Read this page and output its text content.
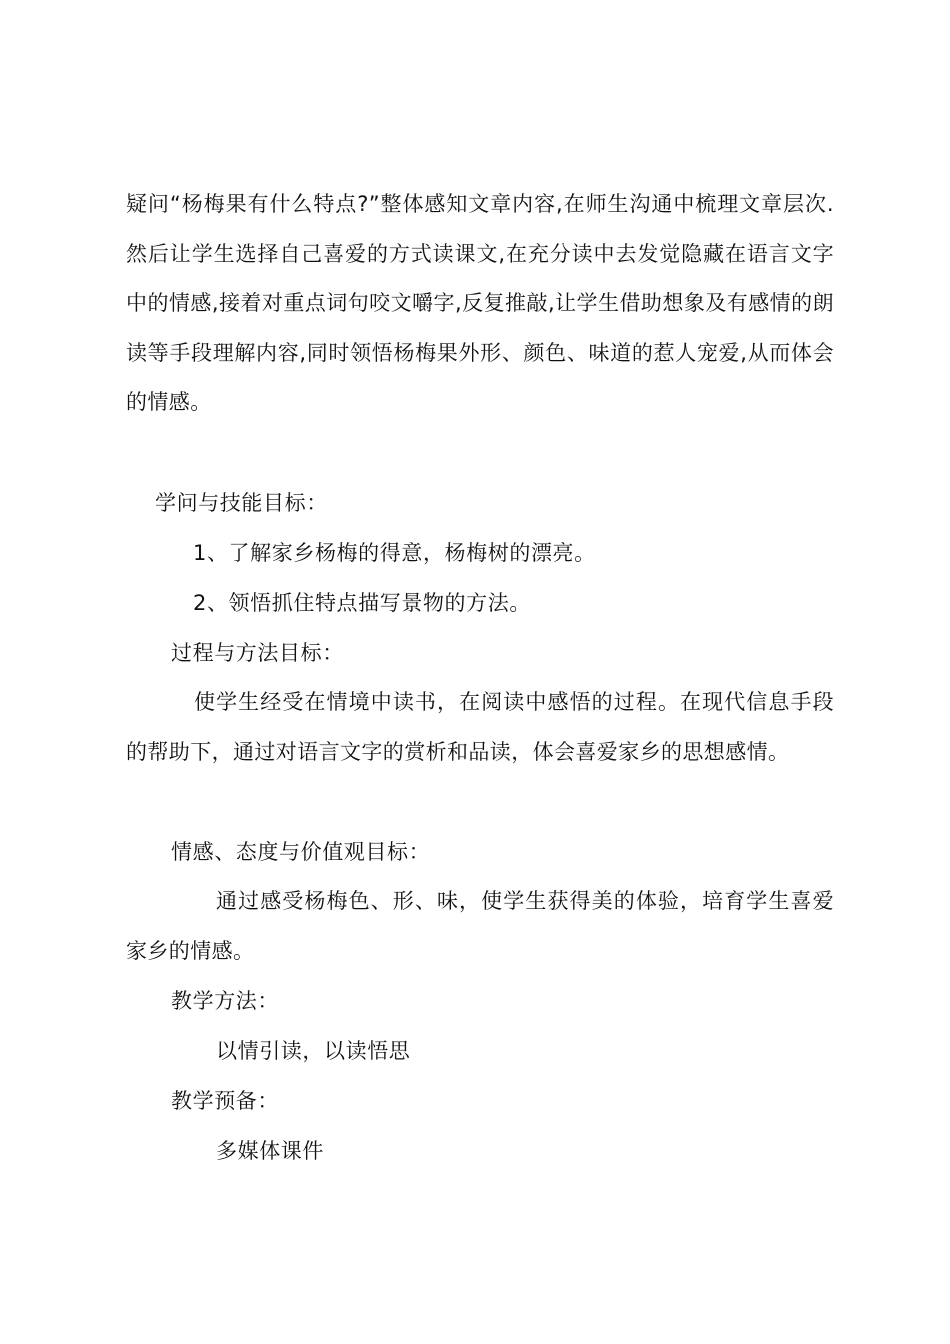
疑问“杨梅果有什么特点?”整体感知文章内容,在师生沟通中梳理文章层次.然后让学生选择自己喜爱的方式读课文,在充分读中去发觉隐藏在语言文字中的情感,接着对重点词句咬文嚼字,反复推敲,让学生借助想象及有感情的朗读等手段理解内容,同时领悟杨梅果外形、颜色、味道的惹人宠爱,从而体会的情感。

学问与技能目标：

1、了解家乡杨梅的得意，杨梅树的漂亮。

2、领悟抓住特点描写景物的方法。

过程与方法目标：

使学生经受在情境中读书，在阅读中感悟的过程。在现代信息手段的帮助下，通过对语言文字的赏析和品读，体会喜爱家乡的思想感情。

情感、态度与价值观目标：

通过感受杨梅色、形、味，使学生获得美的体验，培育学生喜爱家乡的情感。

教学方法：

以情引读，以读悟思

教学预备：

多媒体课件
